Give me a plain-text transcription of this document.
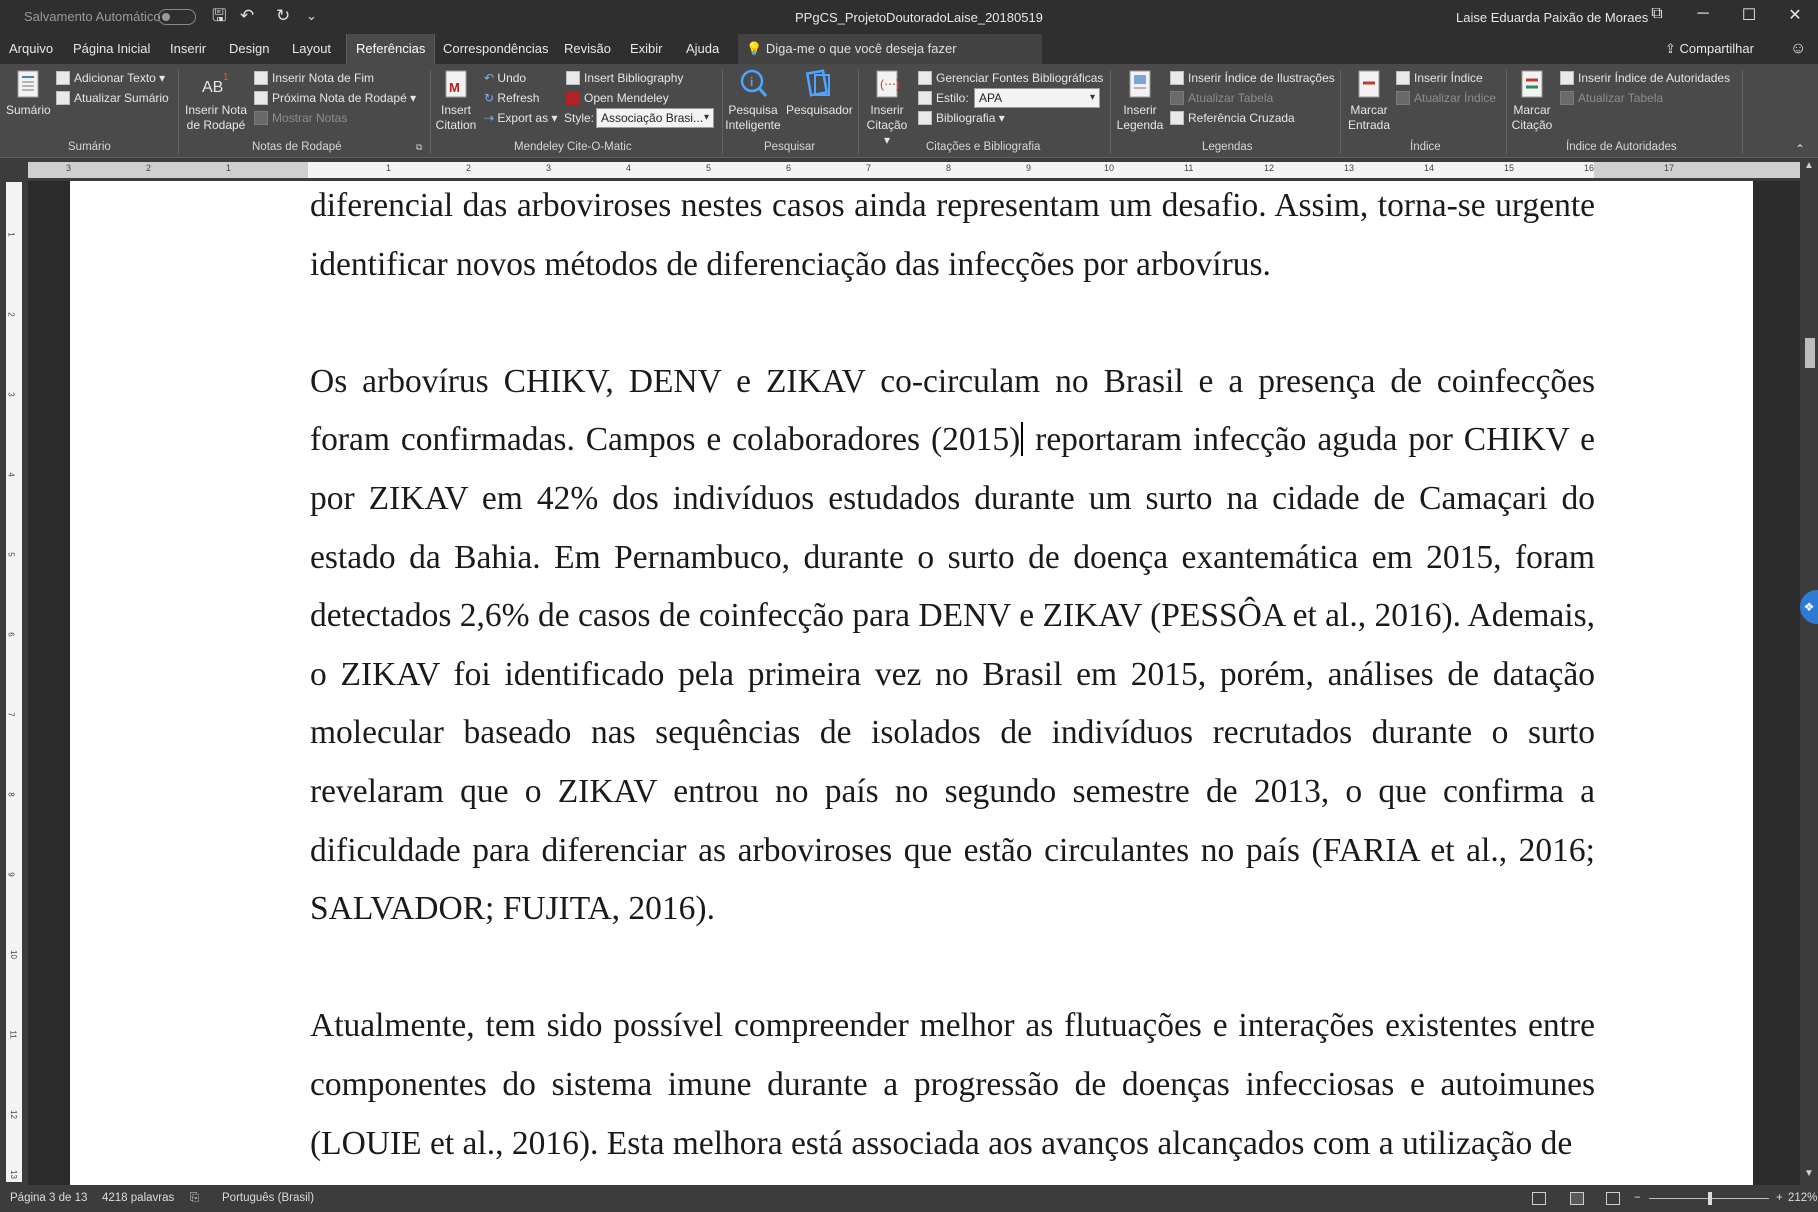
Salvamento Automático	🖫 ↶ ↻ ⌄	PPgCS_ProjetoDoutoradoLaise_20180519	Laise Eduarda Paixão de Moraes ⧉	─	☐	✕
Arquivo	Página Inicial	Inserir	Design	Layout	Referências	Correspondências	Revisão	Exibir	Ajuda	💡 Diga-me o que você deseja fazer	⇪ Compartilhar ☺
Sumário
Adicionar Texto ▾
Atualizar Sumário
Sumário
AB
1
Inserir Nota
de Rodapé
Inserir Nota de Fim
Próxima Nota de Rodapé ▾
Mostrar Notas
Notas de Rodapé	⧉
M
Insert
Citation
↶ Undo
↻ Refresh
⇢ Export as ▾
Insert Bibliography
Open Mendeley
Style: Associação Brasi... ▾
Mendeley Cite-O-Matic
i
Pesquisa
Inteligente
Pesquisador
Pesquisar
(⋯)
Inserir
Citação ▾
Gerenciar Fontes Bibliográficas
Estilo: APA ▾
Bibliografia ▾
Citações e Bibliografia
Inserir
Legenda
Inserir Índice de Ilustrações
Atualizar Tabela
Referência Cruzada
Legendas
Marcar
Entrada
Inserir Índice
Atualizar Índice
Índice
Marcar
Citação
Inserir Índice de Autoridades
Atualizar Tabela
Índice de Autoridades	⌃
3	2	1	1	2	3	4	5	6	7	8	9	10	11	12	13	14	15	16	17
1
2
3
4
5
6
7
8
9
10
11
12
13

diferencial das arboviroses nestes casos ainda representam um desafio. Assim, torna-se urgente identificar novos métodos de diferenciação das infecções por arbovírus.

Os arbovírus CHIKV, DENV e ZIKAV co-circulam no Brasil e a presença de coinfecções foram confirmadas. Campos e colaboradores (2015) reportaram infecção aguda por CHIKV e por ZIKAV em 42% dos indivíduos estudados durante um surto na cidade de Camaçari do estado da Bahia. Em Pernambuco, durante o surto de doença exantemática em 2015, foram detectados 2,6% de casos de coinfecção para DENV e ZIKAV (PESSÔA et al., 2016). Ademais, o ZIKAV foi identificado pela primeira vez no Brasil em 2015, porém, análises de datação molecular baseado nas sequências de isolados de indivíduos recrutados durante o surto revelaram que o ZIKAV entrou no país no segundo semestre de 2013, o que confirma a dificuldade para diferenciar as arboviroses que estão circulantes no país (FARIA et al., 2016; SALVADOR; FUJITA, 2016).

Atualmente, tem sido possível compreender melhor as flutuações e interações existentes entre componentes do sistema imune durante a progressão de doenças infecciosas e autoimunes (LOUIE et al., 2016). Esta melhora está associada aos avanços alcançados com a utilização de

▲
▼
❖
Página 3 de 13 4218 palavras ⎘ Português (Brasil)	−	+ 212%
